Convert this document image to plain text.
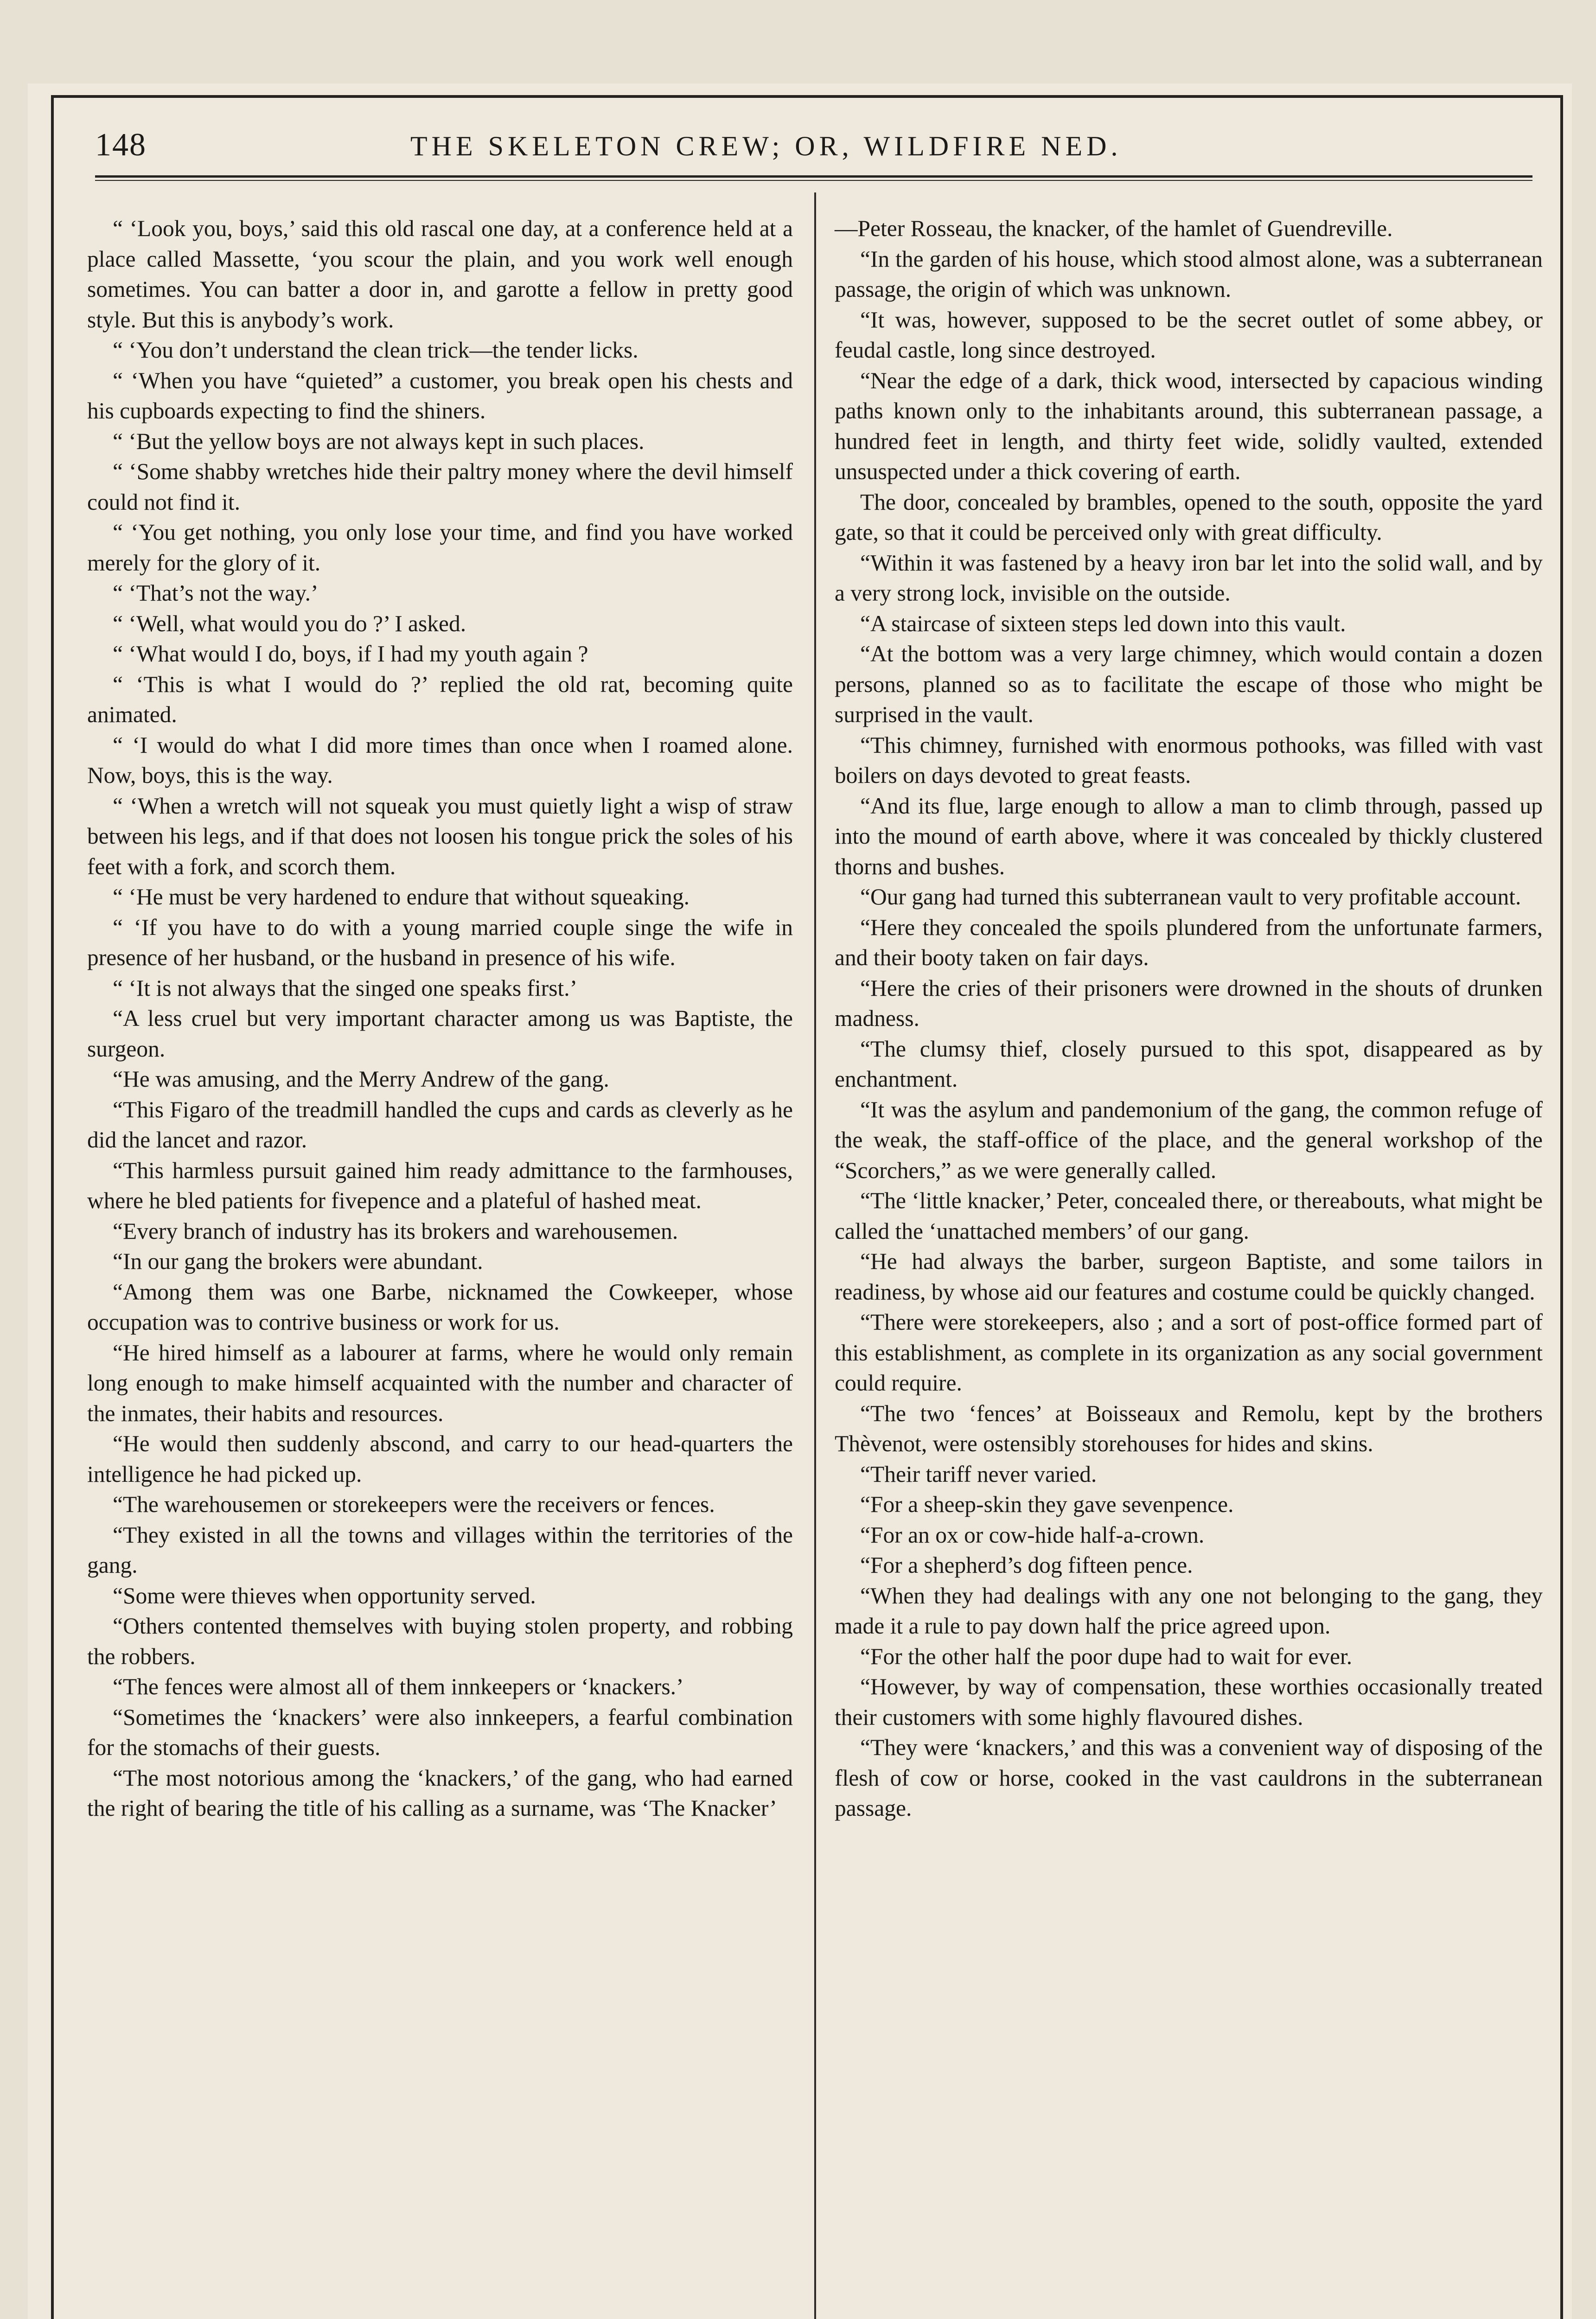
148	THE SKELETON CREW; OR, WILDFIRE NED.

“ ‘Look you, boys,’ said this old rascal one day, at a conference held at a place called Massette, ‘you scour the plain, and you work well enough sometimes. You can batter a door in, and garotte a fellow in pretty good style. But this is anybody’s work.

“ ‘You don’t understand the clean trick—the tender licks.

“ ‘When you have “quieted” a customer, you break open his chests and his cupboards expecting to find the shiners.

“ ‘But the yellow boys are not always kept in such places.

“ ‘Some shabby wretches hide their paltry money where the devil himself could not find it.

“ ‘You get nothing, you only lose your time, and find you have worked merely for the glory of it.

“ ‘That’s not the way.’

“ ‘Well, what would you do ?’ I asked.

“ ‘What would I do, boys, if I had my youth again ?

“ ‘This is what I would do ?’ replied the old rat, becoming quite animated.

“ ‘I would do what I did more times than once when I roamed alone. Now, boys, this is the way.

“ ‘When a wretch will not squeak you must quietly light a wisp of straw between his legs, and if that does not loosen his tongue prick the soles of his feet with a fork, and scorch them.

“ ‘He must be very hardened to endure that without squeaking.

“ ‘If you have to do with a young married couple singe the wife in presence of her husband, or the husband in presence of his wife.

“ ‘It is not always that the singed one speaks first.’

“A less cruel but very important character among us was Baptiste, the surgeon.

“He was amusing, and the Merry Andrew of the gang.

“This Figaro of the treadmill handled the cups and cards as cleverly as he did the lancet and razor.

“This harmless pursuit gained him ready admittance to the farmhouses, where he bled patients for fivepence and a plateful of hashed meat.

“Every branch of industry has its brokers and warehousemen.

“In our gang the brokers were abundant.

“Among them was one Barbe, nicknamed the Cowkeeper, whose occupation was to contrive business or work for us.

“He hired himself as a labourer at farms, where he would only remain long enough to make himself acquainted with the number and character of the inmates, their habits and resources.

“He would then suddenly abscond, and carry to our head-quarters the intelligence he had picked up.

“The warehousemen or storekeepers were the receivers or fences.

“They existed in all the towns and villages within the territories of the gang.

“Some were thieves when opportunity served.

“Others contented themselves with buying stolen property, and robbing the robbers.

“The fences were almost all of them innkeepers or ‘knackers.’

“Sometimes the ‘knackers’ were also innkeepers, a fearful combination for the stomachs of their guests.

“The most notorious among the ‘knackers,’ of the gang, who had earned the right of bearing the title of his calling as a surname, was ‘The Knacker’

—Peter Rosseau, the knacker, of the hamlet of Guendreville.

“In the garden of his house, which stood almost alone, was a subterranean passage, the origin of which was unknown.

“It was, however, supposed to be the secret outlet of some abbey, or feudal castle, long since destroyed.

“Near the edge of a dark, thick wood, intersected by capacious winding paths known only to the inhabitants around, this subterranean passage, a hundred feet in length, and thirty feet wide, solidly vaulted, extended unsuspected under a thick covering of earth.

The door, concealed by brambles, opened to the south, opposite the yard gate, so that it could be perceived only with great difficulty.

“Within it was fastened by a heavy iron bar let into the solid wall, and by a very strong lock, invisible on the outside.

“A staircase of sixteen steps led down into this vault.

“At the bottom was a very large chimney, which would contain a dozen persons, planned so as to facilitate the escape of those who might be surprised in the vault.

“This chimney, furnished with enormous pothooks, was filled with vast boilers on days devoted to great feasts.

“And its flue, large enough to allow a man to climb through, passed up into the mound of earth above, where it was concealed by thickly clustered thorns and bushes.

“Our gang had turned this subterranean vault to very profitable account.

“Here they concealed the spoils plundered from the unfortunate farmers, and their booty taken on fair days.

“Here the cries of their prisoners were drowned in the shouts of drunken madness.

“The clumsy thief, closely pursued to this spot, disappeared as by enchantment.

“It was the asylum and pandemonium of the gang, the common refuge of the weak, the staff-office of the place, and the general workshop of the “Scorchers,” as we were generally called.

“The ‘little knacker,’ Peter, concealed there, or thereabouts, what might be called the ‘unattached members’ of our gang.

“He had always the barber, surgeon Baptiste, and some tailors in readiness, by whose aid our features and costume could be quickly changed.

“There were storekeepers, also ; and a sort of post-office formed part of this establishment, as complete in its organization as any social government could require.

“The two ‘fences’ at Boisseaux and Remolu, kept by the brothers Thèvenot, were ostensibly storehouses for hides and skins.

“Their tariff never varied.

“For a sheep-skin they gave sevenpence.

“For an ox or cow-hide half-a-crown.

“For a shepherd’s dog fifteen pence.

“When they had dealings with any one not belonging to the gang, they made it a rule to pay down half the price agreed upon.

“For the other half the poor dupe had to wait for ever.

“However, by way of compensation, these worthies occasionally treated their customers with some highly flavoured dishes.

“They were ‘knackers,’ and this was a convenient way of disposing of the flesh of cow or horse, cooked in the vast cauldrons in the subterranean passage.
